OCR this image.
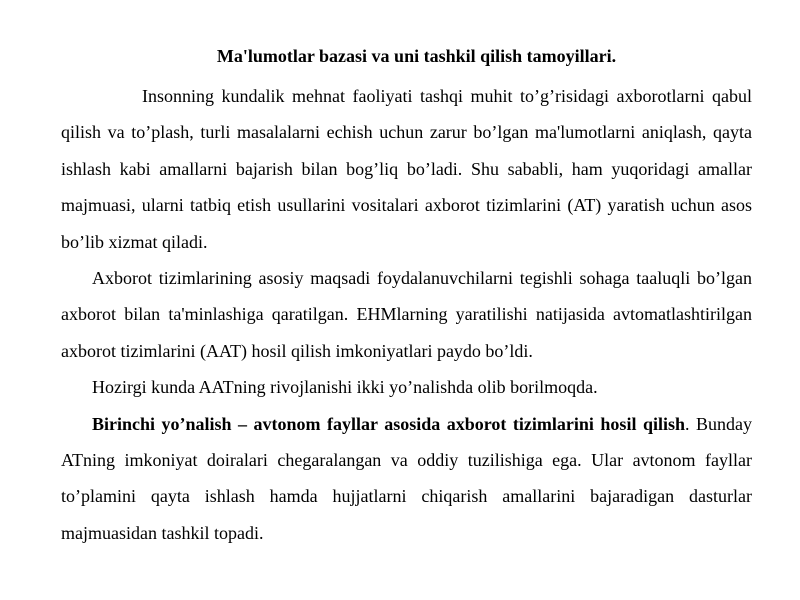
Ma'lumotlar bazasi va uni tashkil qilish tamoyillari.

Insonning kundalik mehnat faoliyati tashqi muhit to’g’risidagi axborotlarni qabul qilish va to’plash, turli masalalarni echish uchun zarur bo’lgan ma'lumotlarni aniqlash, qayta ishlash kabi amallarni bajarish bilan bog’liq bo’ladi. Shu sababli, ham yuqoridagi amallar majmuasi, ularni tatbiq etish usullarini vositalari axborot tizimlarini (AT) yaratish uchun asos bo’lib xizmat qiladi.

Axborot tizimlarining asosiy maqsadi foydalanuvchilarni tegishli sohaga taaluqli bo’lgan axborot bilan ta'minlashiga qaratilgan. EHMlarning yaratilishi natijasida avtomatlashtirilgan axborot tizimlarini (AAT) hosil qilish imkoniyatlari paydo bo’ldi.

Hozirgi kunda AATning rivojlanishi ikki yo’nalishda olib borilmoqda.

Birinchi yo’nalish – avtonom fayllar asosida axborot tizimlarini hosil qilish. Bunday ATning imkoniyat doiralari chegaralangan va oddiy tuzilishiga ega. Ular avtonom fayllar to’plamini qayta ishlash hamda hujjatlarni chiqarish amallarini bajaradigan dasturlar majmuasidan tashkil topadi.
